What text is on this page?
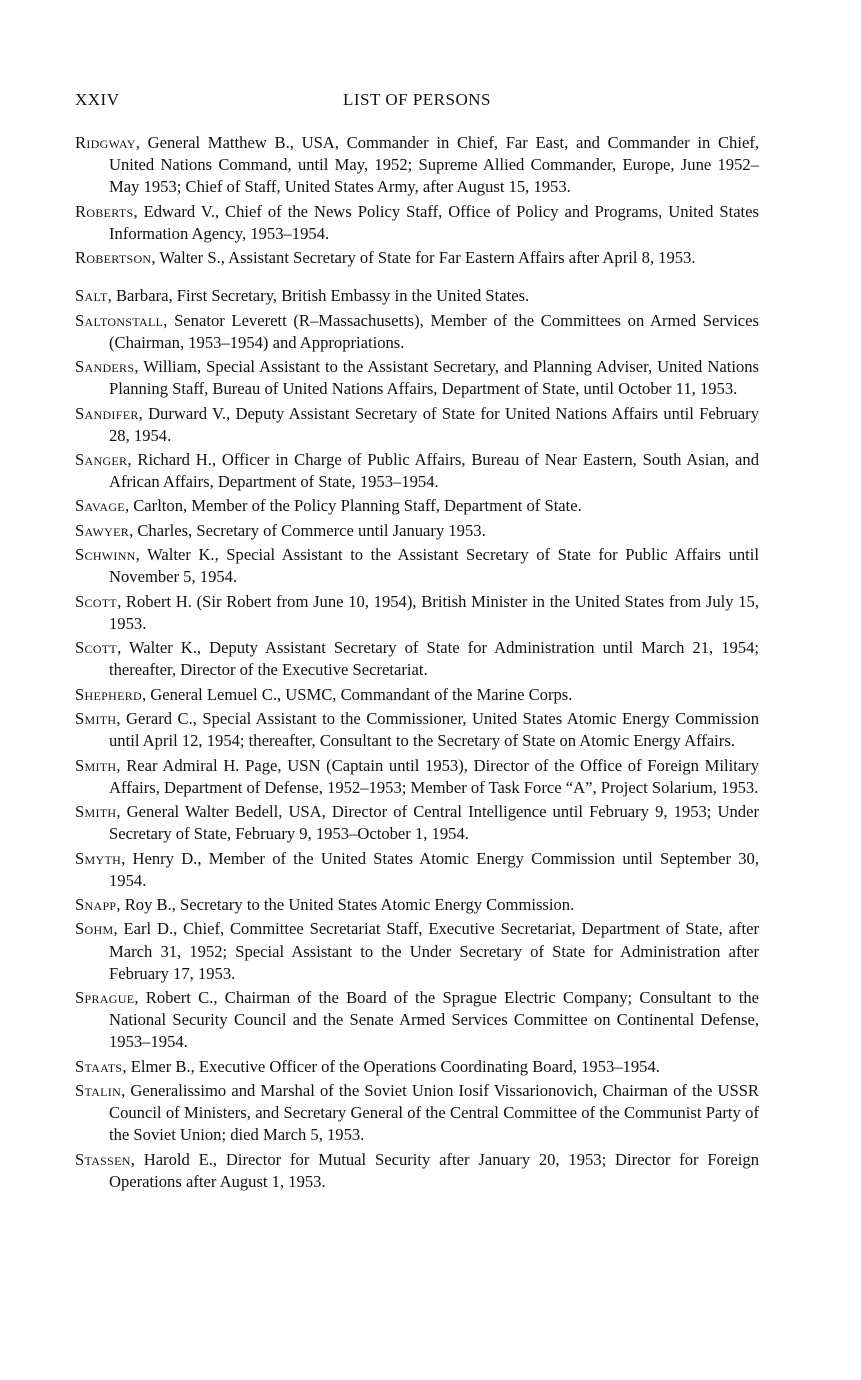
XXIV	LIST OF PERSONS

Ridgway, General Matthew B., USA, Commander in Chief, Far East, and Commander in Chief, United Nations Command, until May, 1952; Supreme Allied Commander, Europe, June 1952–May 1953; Chief of Staff, United States Army, after August 15, 1953.

Roberts, Edward V., Chief of the News Policy Staff, Office of Policy and Programs, United States Information Agency, 1953–1954.

Robertson, Walter S., Assistant Secretary of State for Far Eastern Affairs after April 8, 1953.

Salt, Barbara, First Secretary, British Embassy in the United States.

Saltonstall, Senator Leverett (R–Massachusetts), Member of the Committees on Armed Services (Chairman, 1953–1954) and Appropriations.

Sanders, William, Special Assistant to the Assistant Secretary, and Planning Adviser, United Nations Planning Staff, Bureau of United Nations Affairs, Department of State, until October 11, 1953.

Sandifer, Durward V., Deputy Assistant Secretary of State for United Nations Affairs until February 28, 1954.

Sanger, Richard H., Officer in Charge of Public Affairs, Bureau of Near Eastern, South Asian, and African Affairs, Department of State, 1953–1954.

Savage, Carlton, Member of the Policy Planning Staff, Department of State.

Sawyer, Charles, Secretary of Commerce until January 1953.

Schwinn, Walter K., Special Assistant to the Assistant Secretary of State for Public Affairs until November 5, 1954.

Scott, Robert H. (Sir Robert from June 10, 1954), British Minister in the United States from July 15, 1953.

Scott, Walter K., Deputy Assistant Secretary of State for Administration until March 21, 1954; thereafter, Director of the Executive Secretariat.

Shepherd, General Lemuel C., USMC, Commandant of the Marine Corps.

Smith, Gerard C., Special Assistant to the Commissioner, United States Atomic Energy Commission until April 12, 1954; thereafter, Consultant to the Secretary of State on Atomic Energy Affairs.

Smith, Rear Admiral H. Page, USN (Captain until 1953), Director of the Office of Foreign Military Affairs, Department of Defense, 1952–1953; Member of Task Force “A”, Project Solarium, 1953.

Smith, General Walter Bedell, USA, Director of Central Intelligence until February 9, 1953; Under Secretary of State, February 9, 1953–October 1, 1954.

Smyth, Henry D., Member of the United States Atomic Energy Commission until September 30, 1954.

Snapp, Roy B., Secretary to the United States Atomic Energy Commission.

Sohm, Earl D., Chief, Committee Secretariat Staff, Executive Secretariat, Department of State, after March 31, 1952; Special Assistant to the Under Secretary of State for Administration after February 17, 1953.

Sprague, Robert C., Chairman of the Board of the Sprague Electric Company; Consultant to the National Security Council and the Senate Armed Services Committee on Continental Defense, 1953–1954.

Staats, Elmer B., Executive Officer of the Operations Coordinating Board, 1953–1954.

Stalin, Generalissimo and Marshal of the Soviet Union Iosif Vissarionovich, Chairman of the USSR Council of Ministers, and Secretary General of the Central Committee of the Communist Party of the Soviet Union; died March 5, 1953.

Stassen, Harold E., Director for Mutual Security after January 20, 1953; Director for Foreign Operations after August 1, 1953.
